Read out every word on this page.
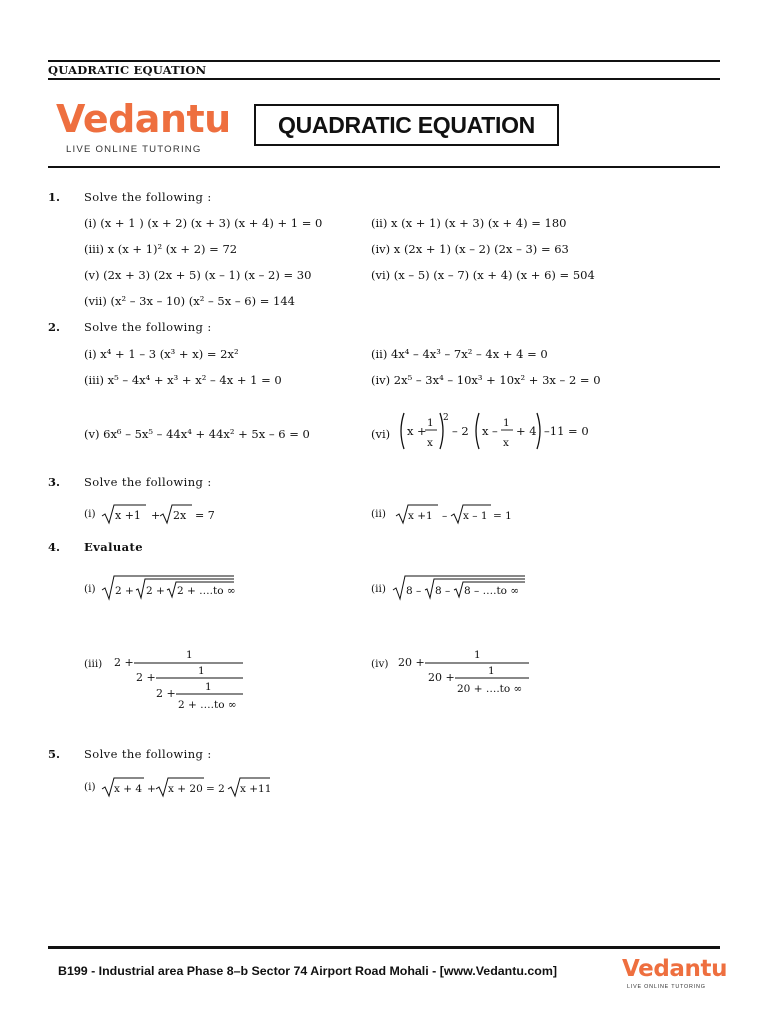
QUADRATIC EQUATION
Vedantu
LIVE ONLINE TUTORING
QUADRATIC EQUATION
1. Solve the following :
(i) (x + 1 ) (x + 2) (x + 3) (x + 4) + 1 = 0	(ii) x (x + 1) (x + 3) (x + 4) = 180
(iii) x (x + 1)² (x + 2) = 72	(iv) x (2x + 1) (x – 2) (2x – 3) = 63
(v) (2x + 3) (2x + 5) (x – 1) (x – 2) = 30	(vi) (x – 5) (x – 7) (x + 4) (x + 6) = 504
(vii) (x² – 3x – 10) (x² – 5x – 6) = 144
2. Solve the following :
(i) x⁴ + 1 – 3 (x³ + x) = 2x²	(ii) 4x⁴ – 4x³ – 7x² – 4x + 4 = 0
(iii) x⁵ – 4x⁴ + x³ + x² – 4x + 1 = 0	(iv) 2x⁵ – 3x⁴ – 10x³ + 10x² + 3x – 2 = 0
(v) 6x⁶ – 5x⁵ – 44x⁴ + 44x² + 5x – 6 = 0	(vi) x +
1
x
2
– 2 x –
1
x
+ 4 –11 = 0
3. Solve the following :
(i) x +1 + 2x = 7	(ii) x +1 – x – 1 = 1
4. Evaluate
(i) 2 + 2 + 2 + ….to ∞	(ii) 8 – 8 – 8 – ….to ∞
(iii) 2 +
1
2 +	1
2 +	1
2 + ….to ∞
(iv) 20 +
1
20 +	1
20 + ….to ∞
5. Solve the following :
(i) x + 4 + x + 20 = 2 x +11
B199 - Industrial area Phase 8–b Sector 74 Airport Road Mohali - [www.Vedantu.com]	Vedantu
LIVE ONLINE TUTORING
